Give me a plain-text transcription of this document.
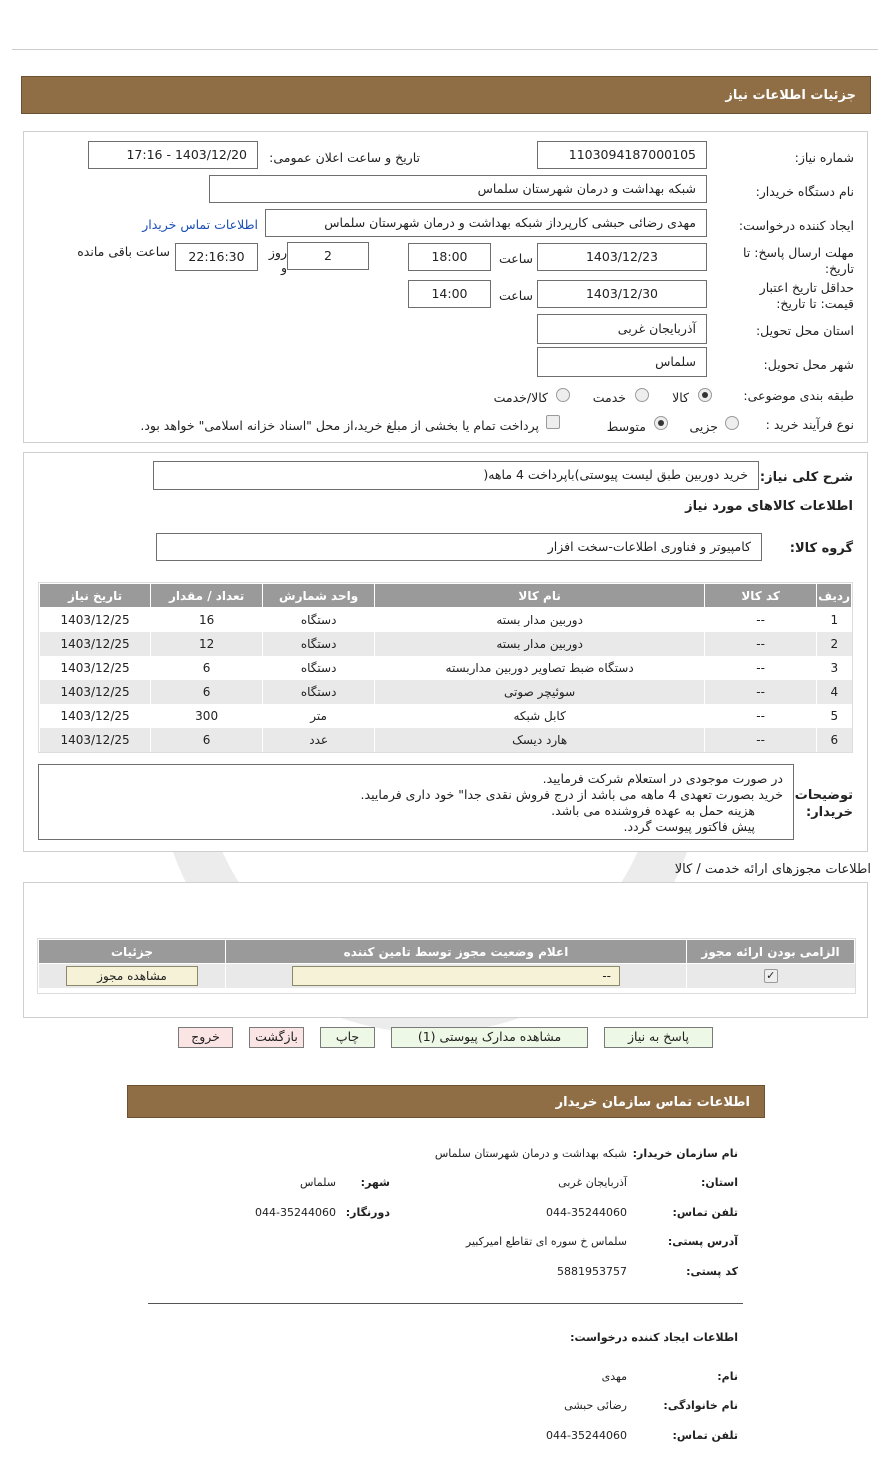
جزئیات اطلاعات نیاز
شماره نیاز:
1103094187000105
تاریخ و ساعت اعلان عمومی:
1403/12/20 - 17:16
نام دستگاه خریدار:
شبکه بهداشت و درمان شهرستان سلماس
ایجاد کننده درخواست:
مهدی رضائی حبشی کارپرداز شبکه بهداشت و درمان شهرستان سلماس
اطلاعات تماس خریدار
مهلت ارسال پاسخ: تا تاریخ:
1403/12/23
ساعت
18:00
2
روز و
22:16:30
ساعت باقی مانده
حداقل تاریخ اعتبار قیمت: تا تاریخ:
1403/12/30
ساعت
14:00
استان محل تحویل:
آذربایجان غربی
شهر محل تحویل:
سلماس
طبقه بندی موضوعی:
کالا
خدمت
کالا/خدمت
نوع فرآیند خرید :
جزیی
متوسط
پرداخت تمام یا بخشی از مبلغ خرید،از محل "اسناد خزانه اسلامی" خواهد بود.
شرح کلی نیاز:
خرید دوربین طبق لیست پیوستی)باپرداخت 4 ماهه(
اطلاعات کالاهای مورد نیاز
گروه کالا:
کامپیوتر و فناوری اطلاعات-سخت افزار
ردیف	کد کالا	نام کالا	واحد شمارش	تعداد / مقدار	تاریخ نیاز
1	--	دوربین مدار بسته	دستگاه	16	1403/12/25
2	--	دوربین مدار بسته	دستگاه	12	1403/12/25
3	--	دستگاه ضبط تصاویر دوربین مداربسته	دستگاه	6	1403/12/25
4	--	سوئیچر صوتی	دستگاه	6	1403/12/25
5	--	کابل شبکه	متر	300	1403/12/25
6	--	هارد دیسک	عدد	6	1403/12/25
توضیحات خریدار:
در صورت موجودی در استعلام شرکت فرمایید.
خرید بصورت تعهدی 4 ماهه می باشد از درج فروش نقدی جدا" خود داری فرمایید.
هزینه حمل به عهده فروشنده می باشد.
پیش فاکتور پیوست گردد.
اطلاعات مجوزهای ارائه خدمت / کالا
الزامی بودن ارائه مجوز	اعلام وضعیت مجوز توسط تامین کننده	جزئیات
✓	--	مشاهده مجوز
پاسخ به نیاز
مشاهده مدارک پیوستی (1)
چاپ
بازگشت
خروج
اطلاعات تماس سازمان خریدار
نام سازمان خریدار:
شبکه بهداشت و درمان شهرستان سلماس
استان:
آذربایجان غربی
شهر:
سلماس
تلفن تماس:
044-35244060
دورنگار:
044-35244060
آدرس پستی:
سلماس خ سوره ای تقاطع امیرکبیر
کد پستی:
5881953757
اطلاعات ایجاد کننده درخواست:
نام:
مهدی
نام خانوادگی:
رضائی حبشی
تلفن تماس:
044-35244060
